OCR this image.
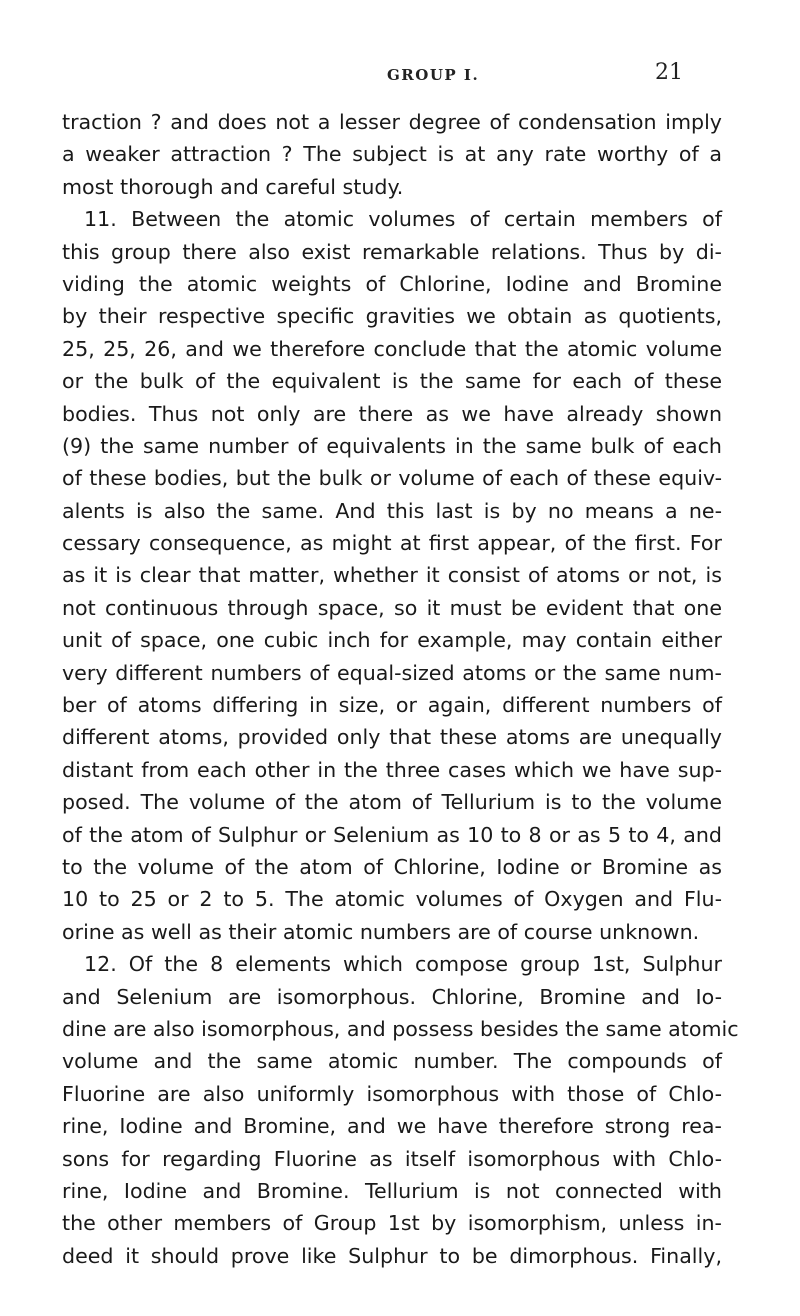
GROUP I.	21
traction ? and does not a lesser degree of condensation imply
a weaker attraction ? The subject is at any rate worthy of a
most thorough and careful study.
11. Between the atomic volumes of certain members of
this group there also exist remarkable relations. Thus by di-
viding the atomic weights of Chlorine, Iodine and Bromine
by their respective specific gravities we obtain as quotients,
25, 25, 26, and we therefore conclude that the atomic volume
or the bulk of the equivalent is the same for each of these
bodies. Thus not only are there as we have already shown
(9) the same number of equivalents in the same bulk of each
of these bodies, but the bulk or volume of each of these equiv-
alents is also the same. And this last is by no means a ne-
cessary consequence, as might at first appear, of the first. For
as it is clear that matter, whether it consist of atoms or not, is
not continuous through space, so it must be evident that one
unit of space, one cubic inch for example, may contain either
very different numbers of equal-sized atoms or the same num-
ber of atoms differing in size, or again, different numbers of
different atoms, provided only that these atoms are unequally
distant from each other in the three cases which we have sup-
posed. The volume of the atom of Tellurium is to the volume
of the atom of Sulphur or Selenium as 10 to 8 or as 5 to 4, and
to the volume of the atom of Chlorine, Iodine or Bromine as
10 to 25 or 2 to 5. The atomic volumes of Oxygen and Flu-
orine as well as their atomic numbers are of course unknown.
12. Of the 8 elements which compose group 1st, Sulphur
and Selenium are isomorphous. Chlorine, Bromine and Io-
dine are also isomorphous, and possess besides the same atomic
volume and the same atomic number. The compounds of
Fluorine are also uniformly isomorphous with those of Chlo-
rine, Iodine and Bromine, and we have therefore strong rea-
sons for regarding Fluorine as itself isomorphous with Chlo-
rine, Iodine and Bromine. Tellurium is not connected with
the other members of Group 1st by isomorphism, unless in-
deed it should prove like Sulphur to be dimorphous. Finally,
